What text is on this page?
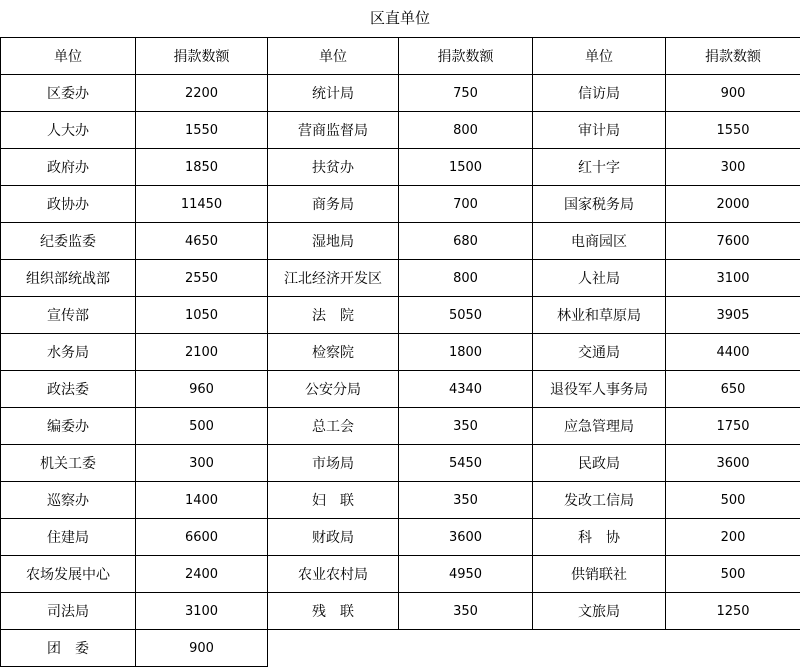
区直单位
单位	捐款数额	单位	捐款数额	单位	捐款数额
区委办	2200	统计局	750	信访局	900
人大办	1550	营商监督局	800	审计局	1550
政府办	1850	扶贫办	1500	红十字	300
政协办	11450	商务局	700	国家税务局	2000
纪委监委	4650	湿地局	680	电商园区	7600
组织部统战部	2550	江北经济开发区	800	人社局	3100
宣传部	1050	法　院	5050	林业和草原局	3905
水务局	2100	检察院	1800	交通局	4400
政法委	960	公安分局	4340	退役军人事务局	650
编委办	500	总工会	350	应急管理局	1750
机关工委	300	市场局	5450	民政局	3600
巡察办	1400	妇　联	350	发改工信局	500
住建局	6600	财政局	3600	科　协	200
农场发展中心	2400	农业农村局	4950	供销联社	500
司法局	3100	残　联	350	文旅局	1250
团　委	900				
